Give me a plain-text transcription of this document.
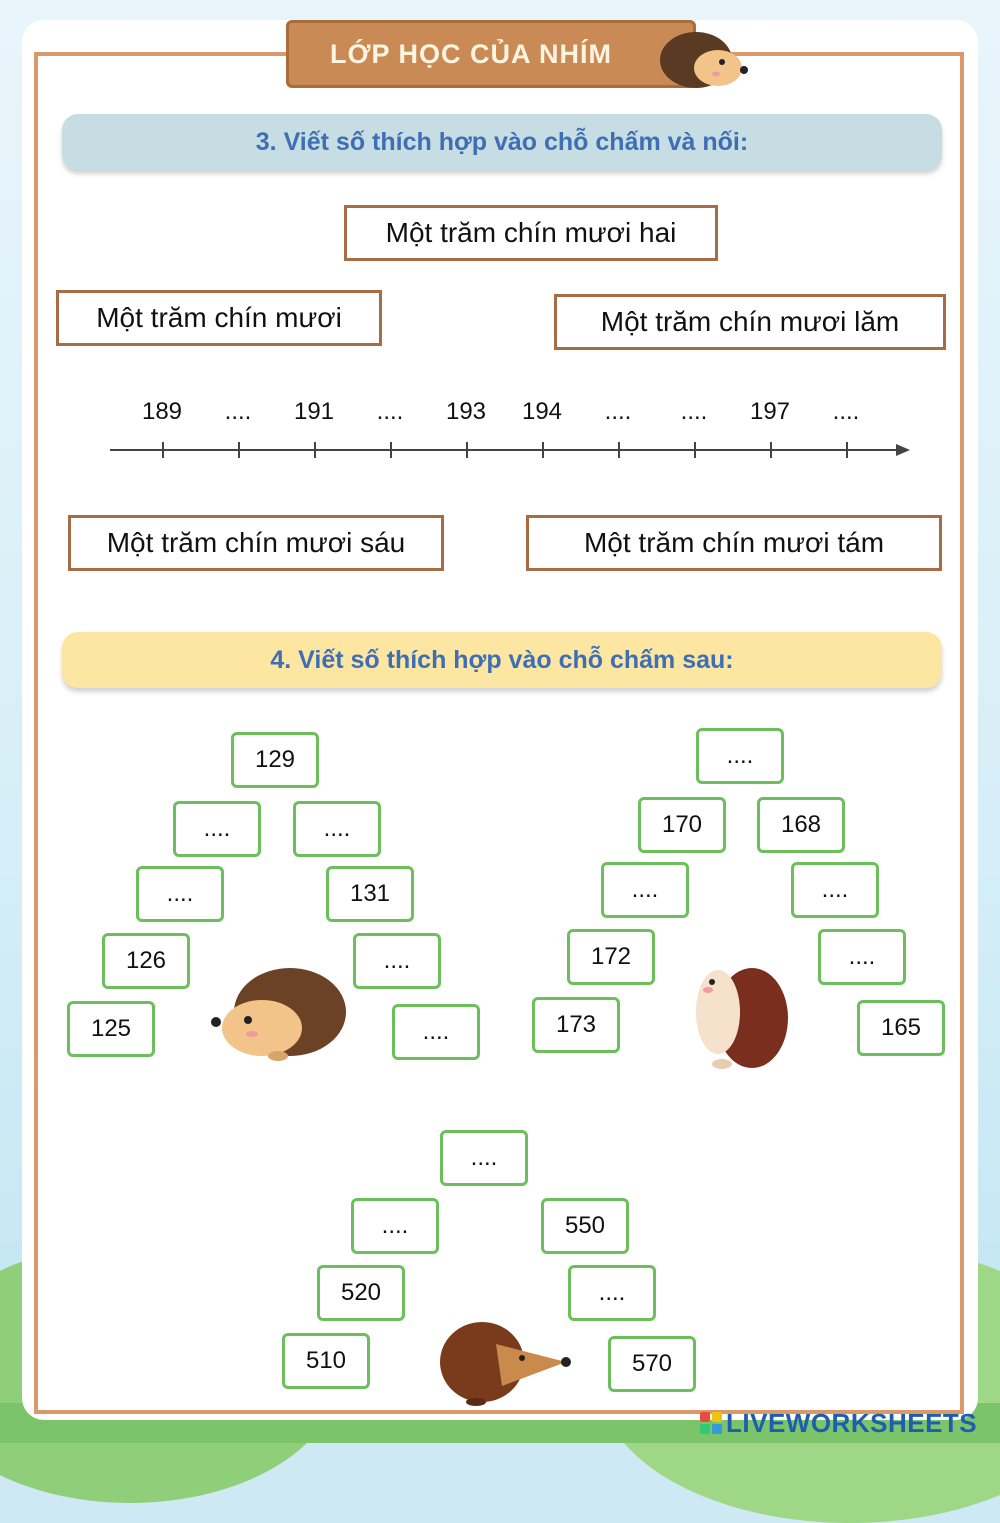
LỚP HỌC CỦA NHÍM
3. Viết số thích hợp vào chỗ chấm và nối:
Một trăm chín mươi hai
Một trăm chín mươi	Một trăm chín mươi lăm
Một trăm chín mươi sáu	Một trăm chín mươi tám
189	....	191	....	193	194	....	....	197	....
4. Viết số thích hợp vào chỗ chấm sau:
129
....	....
....	131
126	....
125	....
....
170	168
....	....
172	....
173	165
....
....	550
520	....
510	570
LIVEWORKSHEETS
